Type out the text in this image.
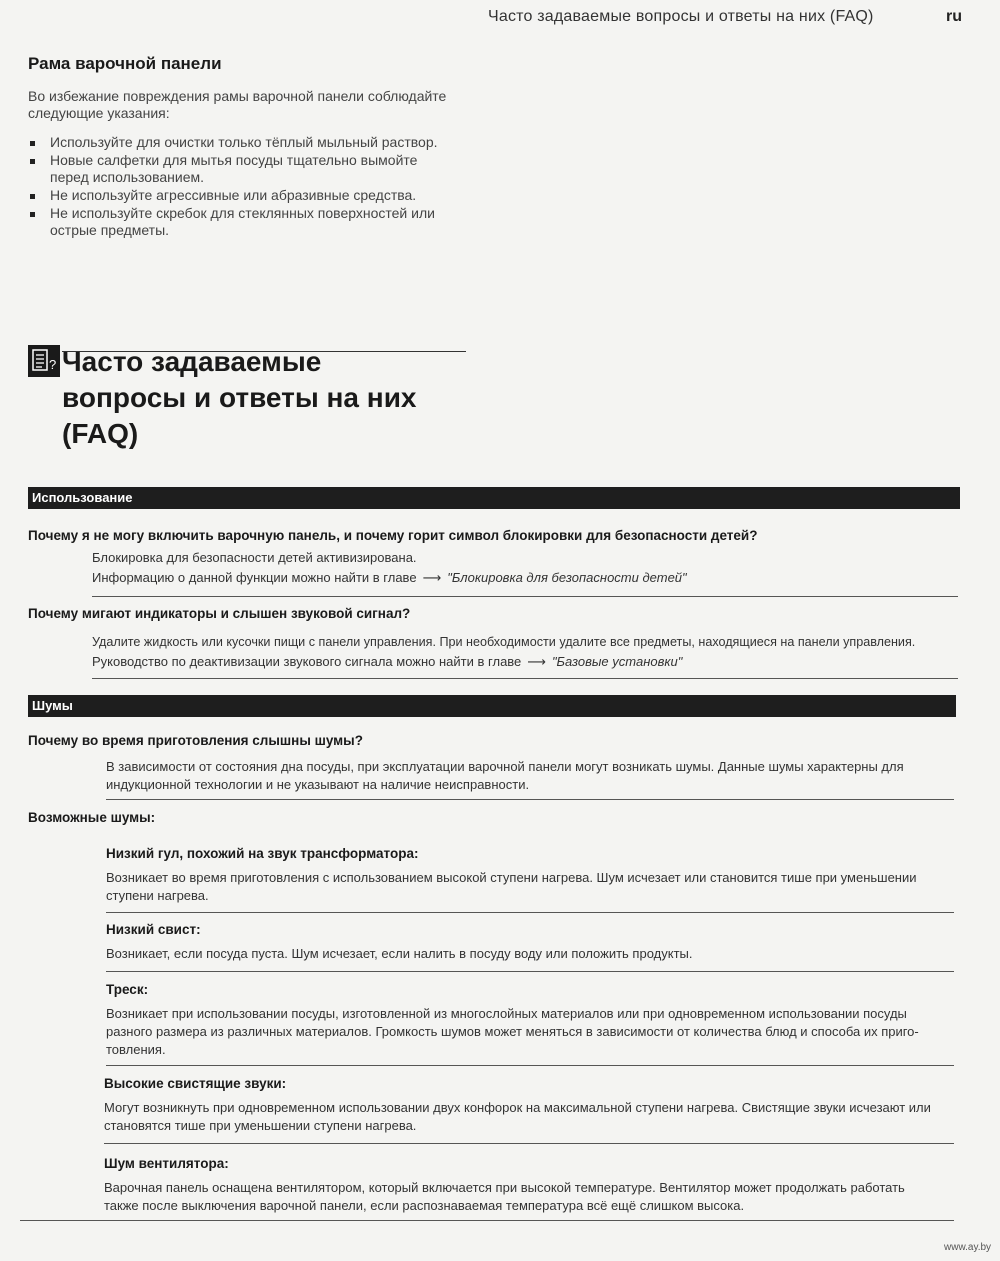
Часто задаваемые вопросы и ответы на них (FAQ)	ru
Рама варочной панели
Во избежание повреждения рамы варочной панели соблюдайте следующие указания:
Используйте для очистки только тёплый мыльный раствор.
Новые салфетки для мытья посуды тщательно вымойте перед использованием.
Не используйте агрессивные или абразивные средства.
Не используйте скребок для стеклянных поверхностей или острые предметы.
? Часто задаваемые
вопросы и ответы на них
(FAQ)
Использование
Почему я не могу включить варочную панель, и почему горит символ блокировки для безопасности детей?
Блокировка для безопасности детей активизирована.
Информацию о данной функции можно найти в главе ⟶ "Блокировка для безопасности детей"
Почему мигают индикаторы и слышен звуковой сигнал?
Удалите жидкость или кусочки пищи с панели управления. При необходимости удалите все предметы, находящиеся на панели управления.
Руководство по деактивизации звукового сигнала можно найти в главе ⟶ "Базовые установки"
Шумы
Почему во время приготовления слышны шумы?
В зависимости от состояния дна посуды, при эксплуатации варочной панели могут возникать шумы. Данные шумы характерны для индукционной технологии и не указывают на наличие неисправности.
Возможные шумы:
Низкий гул, похожий на звук трансформатора:
Возникает во время приготовления с использованием высокой ступени нагрева. Шум исчезает или становится тише при уменьшении ступени нагрева.
Низкий свист:
Возникает, если посуда пуста. Шум исчезает, если налить в посуду воду или положить продукты.
Треск:
Возникает при использовании посуды, изготовленной из многослойных материалов или при одновременном использовании посуды разного размера из различных материалов. Громкость шумов может меняться в зависимости от количества блюд и способа их приготовления.
Высокие свистящие звуки:
Могут возникнуть при одновременном использовании двух конфорок на максимальной ступени нагрева. Свистящие звуки исчезают или становятся тише при уменьшении ступени нагрева.
Шум вентилятора:
Варочная панель оснащена вентилятором, который включается при высокой температуре. Вентилятор может продолжать работать также после выключения варочной панели, если распознаваемая температура всё ещё слишком высока.
www.ay.by
